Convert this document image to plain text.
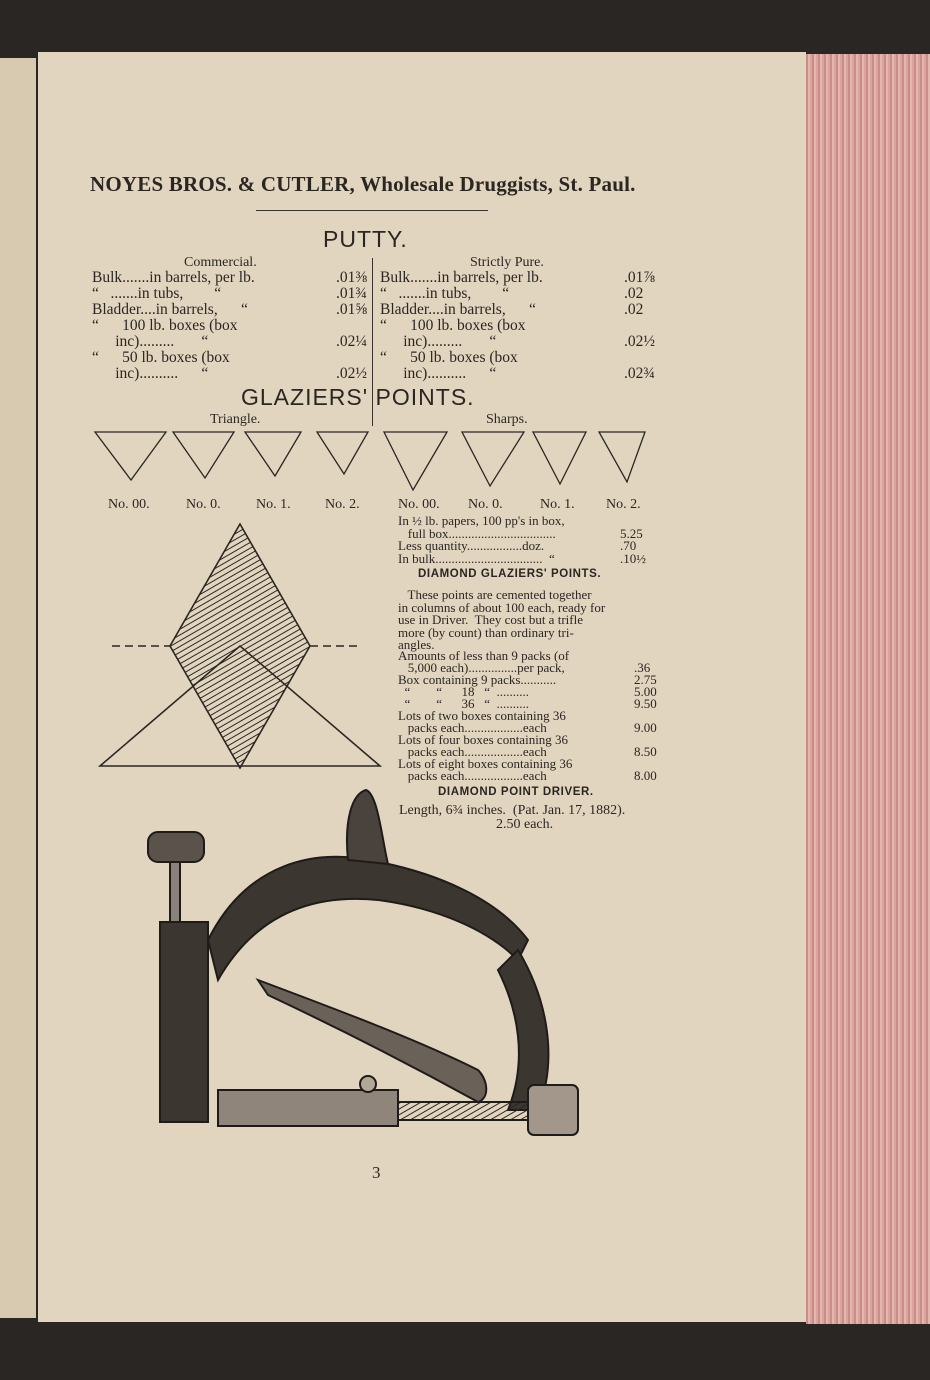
NOYES BROS. & CUTLER, Wholesale Druggists, St. Paul.
PUTTY.
Commercial.
Bulk.......in barrels, per lb.	.01⅜
“   .......in tubs,        “	.01¾
Bladder....in barrels,      “	.01⅝
“      100 lb. boxes (box
inc).........       “	.02¼
“      50 lb. boxes (box
inc)..........      “	.02½
Strictly Pure.
Bulk.......in barrels, per lb.	.01⅞
“   .......in tubs,        “	.02
Bladder....in barrels,      “	.02
“      100 lb. boxes (box
inc).........       “	.02½
“      50 lb. boxes (box
inc)..........      “	.02¾
GLAZIERS' POINTS.
Triangle.	Sharps.
No. 00.	No. 0.	No. 1. No. 2.	No. 00. No. 0.	No. 1. No. 2.
In ½ lb. papers, 100 pp's in box,
full box.................................	5.25
Less quantity.................doz.	.70
In bulk.................................  “	.10½
DIAMOND GLAZIERS' POINTS.
These points are cemented together
in columns of about 100 each, ready for
use in Driver.  They cost but a trifle
more (by count) than ordinary tri-
angles.
Amounts of less than 9 packs (of
5,000 each)...............per pack,	.36
Box containing 9 packs...........	2.75
“        “      18   “  ..........	5.00
“        “      36   “  ..........	9.50
Lots of two boxes containing 36
packs each..................each	9.00
Lots of four boxes containing 36
packs each..................each	8.50
Lots of eight boxes containing 36
packs each..................each	8.00
DIAMOND POINT DRIVER.
Length, 6¾ inches.  (Pat. Jan. 17, 1882).
2.50 each.
3
